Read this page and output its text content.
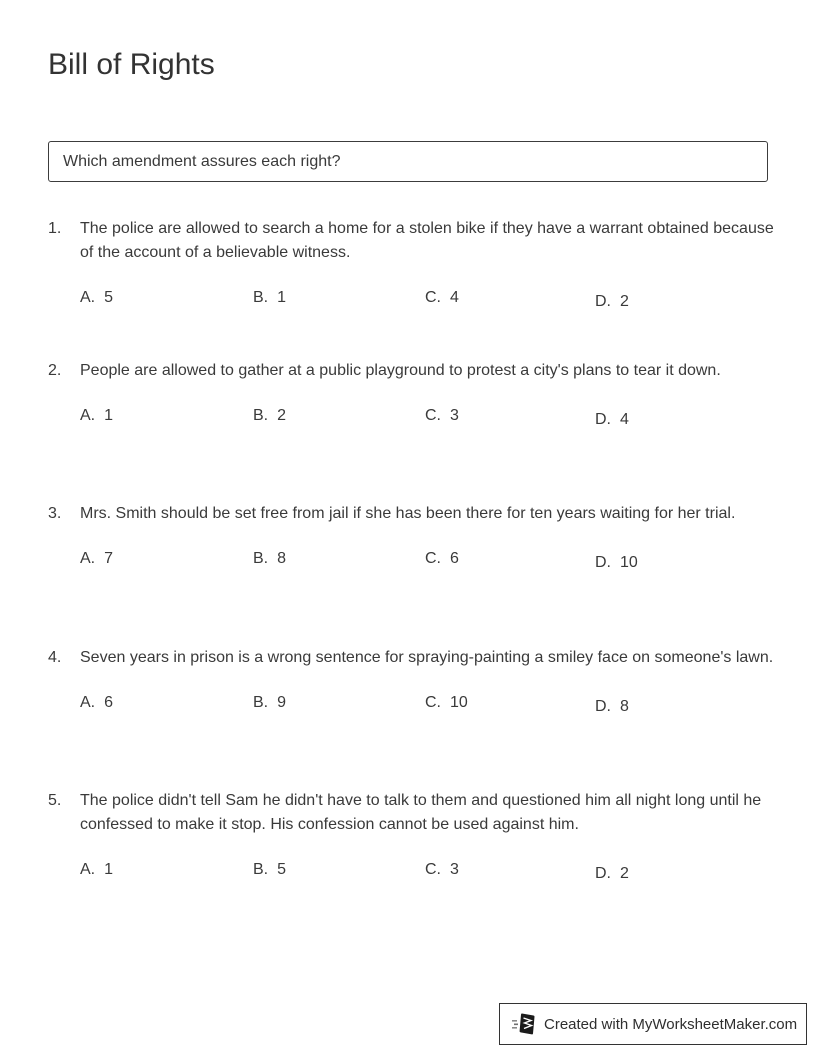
Bill of Rights
Which amendment assures each right?
1.	The police are allowed to search a home for a stolen bike if they have a warrant obtained because of the account of a believable witness.
A. 5	B. 1	C. 4	D. 2
2.	People are allowed to gather at a public playground to protest a city's plans to tear it down.
A. 1	B. 2	C. 3	D. 4
3.	Mrs. Smith should be set free from jail if she has been there for ten years waiting for her trial.
A. 7	B. 8	C. 6	D. 10
4.	Seven years in prison is a wrong sentence for spraying-painting a smiley face on someone's lawn.
A. 6	B. 9	C. 10	D. 8
5.	The police didn't tell Sam he didn't have to talk to them and questioned him all night long until he confessed to make it stop. His confession cannot be used against him.
A. 1	B. 5	C. 3	D. 2
Created with MyWorksheetMaker.com
